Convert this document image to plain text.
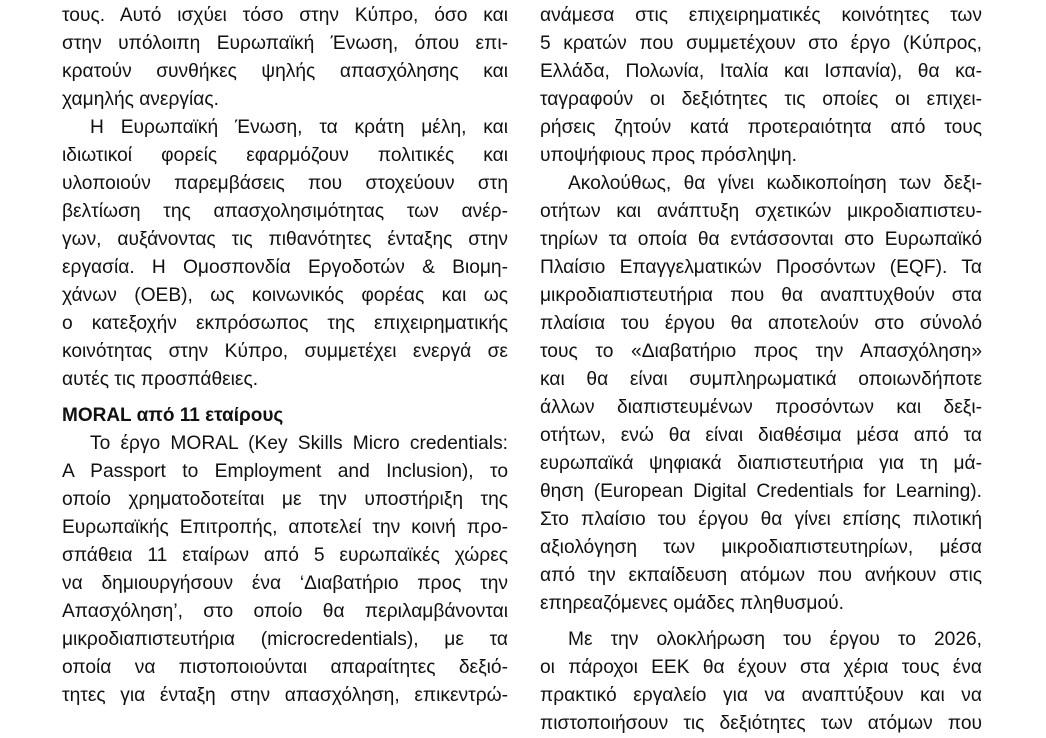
τους. Αυτό ισχύει τόσο στην Κύπρο, όσο και
στην υπόλοιπη Ευρωπαϊκή Ένωση, όπου επι-
κρατούν συνθήκες ψηλής απασχόλησης και
χαμηλής ανεργίας.
Η Ευρωπαϊκή Ένωση, τα κράτη μέλη, και
ιδιωτικοί φορείς εφαρμόζουν πολιτικές και
υλοποιούν παρεμβάσεις που στοχεύουν στη
βελτίωση της απασχολησιμότητας των ανέρ-
γων, αυξάνοντας τις πιθανότητες ένταξης στην
εργασία. Η Ομοσπονδία Εργοδοτών & Βιομη-
χάνων (ΟΕΒ), ως κοινωνικός φορέας και ως
ο κατεξοχήν εκπρόσωπος της επιχειρηματικής
κοινότητας στην Κύπρο, συμμετέχει ενεργά σε
αυτές τις προσπάθειες.
MORAL από 11 εταίρους
Το έργο MORAL (Key Skills Micro credentials:
A Passport to Employment and Inclusion), το
οποίο χρηματοδοτείται με την υποστήριξη της
Ευρωπαϊκής Επιτροπής, αποτελεί την κοινή προ-
σπάθεια 11 εταίρων από 5 ευρωπαϊκές χώρες
να δημιουργήσουν ένα ‘Διαβατήριο προς την
Απασχόληση’, στο οποίο θα περιλαμβάνονται
μικροδιαπιστευτήρια (microcredentials), με τα
οποία να πιστοποιούνται απαραίτητες δεξιό-
τητες για ένταξη στην απασχόληση, επικεντρώ-
ανάμεσα στις επιχειρηματικές κοινότητες των
5 κρατών που συμμετέχουν στο έργο (Κύπρος,
Ελλάδα, Πολωνία, Ιταλία και Ισπανία), θα κα-
ταγραφούν οι δεξιότητες τις οποίες οι επιχει-
ρήσεις ζητούν κατά προτεραιότητα από τους
υποψήφιους προς πρόσληψη.
Ακολούθως, θα γίνει κωδικοποίηση των δεξι-
οτήτων και ανάπτυξη σχετικών μικροδιαπιστευ-
τηρίων τα οποία θα εντάσσονται στο Ευρωπαϊκό
Πλαίσιο Επαγγελματικών Προσόντων (EQF). Τα
μικροδιαπιστευτήρια που θα αναπτυχθούν στα
πλαίσια του έργου θα αποτελούν στο σύνολό
τους το «Διαβατήριο προς την Απασχόληση»
και θα είναι συμπληρωματικά οποιωνδήποτε
άλλων διαπιστευμένων προσόντων και δεξι-
οτήτων, ενώ θα είναι διαθέσιμα μέσα από τα
ευρωπαϊκά ψηφιακά διαπιστευτήρια για τη μά-
θηση (European Digital Credentials for Learning).
Στο πλαίσιο του έργου θα γίνει επίσης πιλοτική
αξιολόγηση των μικροδιαπιστευτηρίων, μέσα
από την εκπαίδευση ατόμων που ανήκουν στις
επηρεαζόμενες ομάδες πληθυσμού.
Με την ολοκλήρωση του έργου το 2026,
οι πάροχοι ΕΕΚ θα έχουν στα χέρια τους ένα
πρακτικό εργαλείο για να αναπτύξουν και να
πιστοποιήσουν τις δεξιότητες των ατόμων που
